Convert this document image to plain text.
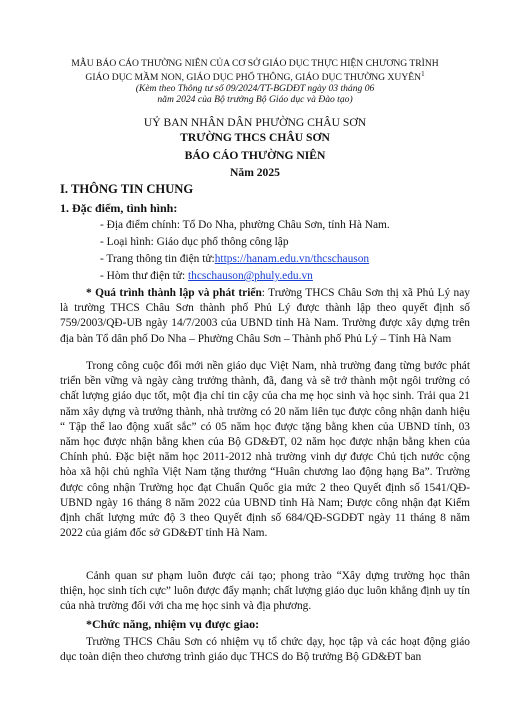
MẪU BÁO CÁO THƯỜNG NIÊN CỦA CƠ SỞ GIÁO DỤC THỰC HIỆN CHƯƠNG TRÌNH
GIÁO DỤC MẦM NON, GIÁO DỤC PHỔ THÔNG, GIÁO DỤC THƯỜNG XUYÊN$^1$
(Kèm theo Thông tư số 09/2024/TT-BGDĐT ngày 03 tháng 06
năm 2024 của Bộ trưởng Bộ Giáo dục và Đào tạo)
UỶ BAN NHÂN DÂN PHƯỜNG CHÂU SƠN
TRƯỜNG THCS CHÂU SƠN
BÁO CÁO THƯỜNG NIÊN
Năm 2025
I. THÔNG TIN CHUNG
1. Đặc điểm, tình hình:
- Địa điểm chính: Tổ Do Nha, phường Châu Sơn, tỉnh Hà Nam.
- Loại hình: Giáo dục phổ thông công lập
- Trang thông tin điện tử:https://hanam.edu.vn/thcschauson
- Hòm thư điện tử: thcschauson@phuly.edu.vn

* Quá trình thành lập và phát triển: Trường THCS Châu Sơn thị xã Phủ Lý nay là trường THCS Châu Sơn thành phố Phủ Lý được thành lập theo quyết định số 759/2003/QĐ-UB ngày 14/7/2003 của UBND tỉnh Hà Nam. Trường được xây dựng trên địa bàn Tổ dân phố Do Nha – Phường Châu Sơn – Thành phố Phủ Lý – Tỉnh Hà Nam

Trong công cuộc đổi mới nền giáo dục Việt Nam, nhà trường đang từng bước phát triển bền vững và ngày càng trưởng thành, đã, đang và sẽ trở thành một ngôi trường có chất lượng giáo dục tốt, một địa chỉ tin cậy của cha mẹ học sinh và học sinh. Trải qua 21 năm xây dựng và trưởng thành, nhà trường có 20 năm liên tục được công nhận danh hiệu “ Tập thể lao động xuất sắc” có 05 năm học được tặng bằng khen của UBND tỉnh, 03 năm học được nhận bằng khen của Bộ GD&ĐT, 02 năm học được nhận bằng khen của Chính phủ. Đặc biệt năm học 2011-2012 nhà trường vinh dự được Chủ tịch nước cộng hòa xã hội chủ nghĩa Việt Nam tặng thưởng “Huân chương lao động hạng Ba”. Trường được công nhận Trường học đạt Chuẩn Quốc gia mức 2 theo Quyết định số 1541/QĐ-UBND ngày 16 tháng 8 năm 2022 của UBND tỉnh Hà Nam; Được công nhận đạt Kiểm định chất lượng mức độ 3 theo Quyết định số 684/QĐ-SGDĐT ngày 11 tháng 8 năm 2022 của giám đốc sở GD&ĐT tỉnh Hà Nam.

Cảnh quan sư phạm luôn được cải tạo; phong trào “Xây dựng trường học thân thiện, học sinh tích cực” luôn được đẩy mạnh; chất lượng giáo dục luôn khẳng định uy tín của nhà trường đối với cha mẹ học sinh và địa phương.

*Chức năng, nhiệm vụ được giao:

Trường THCS Châu Sơn có nhiệm vụ tổ chức dạy, học tập và các hoạt động giáo dục toàn diện theo chương trình giáo dục THCS do Bộ trưởng Bộ GD&ĐT ban
